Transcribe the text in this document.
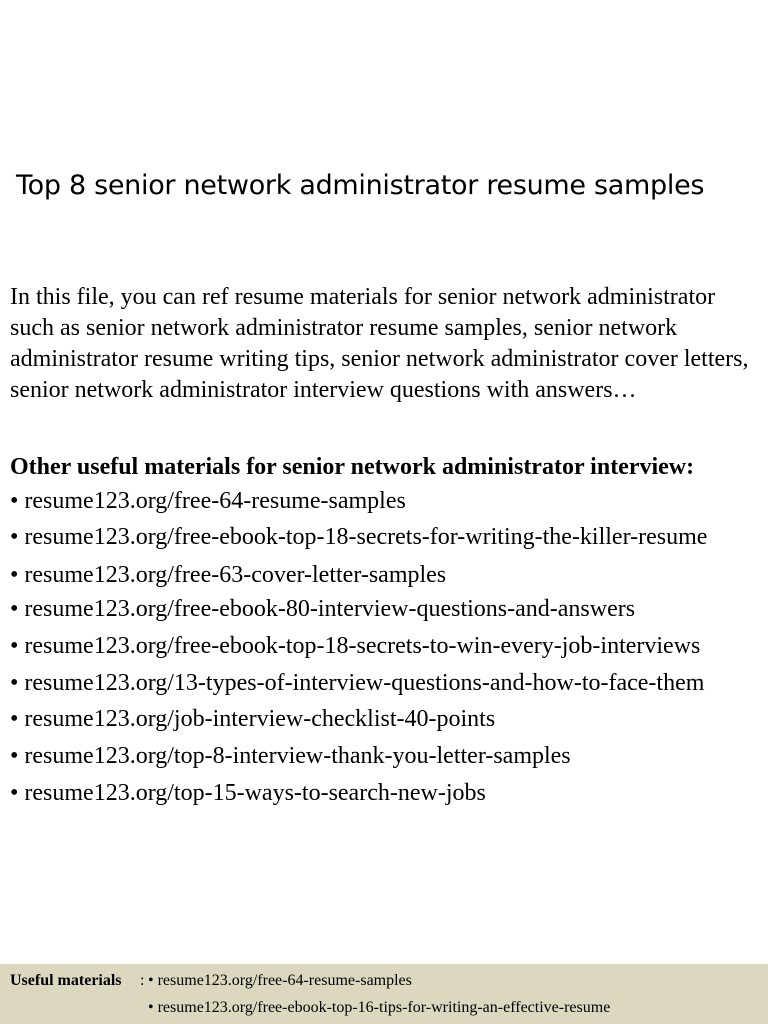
Top 8 senior network administrator resume samples

In this file, you can ref resume materials for senior network administrator such as senior network administrator resume samples, senior network administrator resume writing tips, senior network administrator cover letters, senior network administrator interview questions with answers…

Other useful materials for senior network administrator interview:

• resume123.org/free-64-resume-samples
• resume123.org/free-ebook-top-18-secrets-for-writing-the-killer-resume
• resume123.org/free-63-cover-letter-samples
• resume123.org/free-ebook-80-interview-questions-and-answers
• resume123.org/free-ebook-top-18-secrets-to-win-every-job-interviews
• resume123.org/13-types-of-interview-questions-and-how-to-face-them
• resume123.org/job-interview-checklist-40-points
• resume123.org/top-8-interview-thank-you-letter-samples
• resume123.org/top-15-ways-to-search-new-jobs
Useful materials : • resume123.org/free-64-resume-samples
• resume123.org/free-ebook-top-16-tips-for-writing-an-effective-resume
